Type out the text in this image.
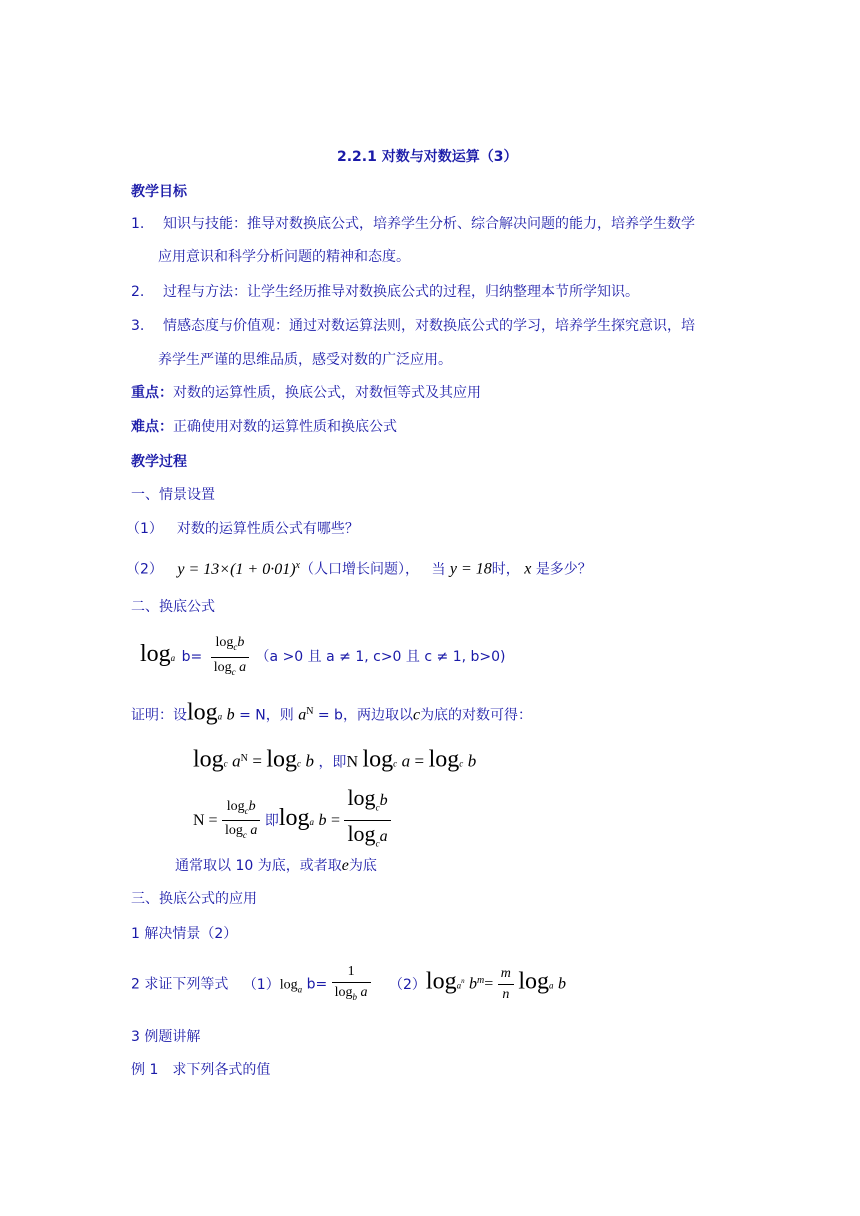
2.2.1 对数与对数运算（3）
教学目标
1. 知识与技能：推导对数换底公式，培养学生分析、综合解决问题的能力，培养学生数学
应用意识和科学分析问题的精神和态度。
2. 过程与方法：让学生经历推导对数换底公式的过程，归纳整理本节所学知识。
3. 情感态度与价值观：通过对数运算法则，对数换底公式的学习，培养学生探究意识，培
养学生严谨的思维品质，感受对数的广泛应用。
重点：对数的运算性质，换底公式，对数恒等式及其应用
难点：正确使用对数的运算性质和换底公式
教学过程
一、情景设置
（1） 对数的运算性质公式有哪些？
（2） $y = 13\times(1 + 0\cdot 01)^x$（人口增长问题）， 当 y = 18时， x 是多少？
二、换底公式
loga $b= \frac{\log_cb}{\log_c a} (a >0$ 且 a ≠ 1, c>0 且 c ≠ 1, b>0)
证明：设loga b = N，则 $a^N = b$，两边取以c为底的对数可得：
logc $a^N = \log c$ b ，即N logc a = logc b
$N = \frac{\log_cb}{\log_c a}$ 即loga $b = \frac{\log_cb}{\log_ca}$
通常取以 10 为底，或者取e为底
三、换底公式的应用
1 解决情景（2）
2 求证下列等式 $(1)\log_a$ $b= \frac{1}{\log_b a} (2)\log a^n$ $b^m= \frac{m}{n}$ loga b
3 例题讲解
例 1　求下列各式的值
